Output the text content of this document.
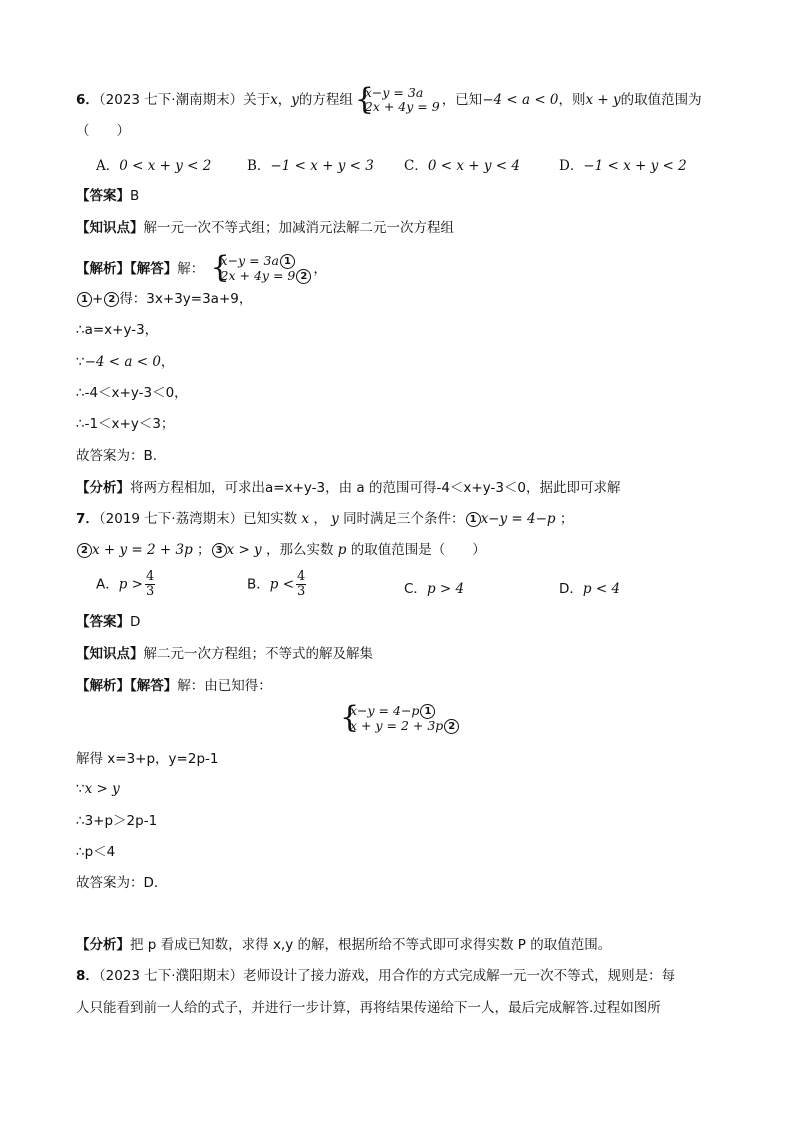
6．（2023 七下·潮南期末）关于x，y的方程组 {
x−y = 3a
2x + 4y = 9 ，已知−4 < a < 0，则x + y的取值范围为
（　　）
A．0 < x + y < 2	B．−1 < x + y < 3 C．0 < x + y < 4	D．−1 < x + y < 2
【答案】B
【知识点】解一元一次不等式组；加减消元法解二元一次方程组
【解析】【解答】解： {
x−y = 3a 1
2x + 4y = 9 2 ，
1 + 2 得：3x+3y=3a+9，
∴a=x+y-3，
∵−4 < a < 0，
∴-4＜x+y-3＜0，
∴-1＜x+y＜3；
故答案为：B.
【分析】将两方程相加，可求出a=x+y-3，由 a 的范围可得-4＜x+y-3＜0，据此即可求解
7．（2019 七下·荔湾期末）已知实数 x ， y 同时满足三个条件： 1 x−y = 4−p ；
2 x + y = 2 + 3p ； 3 x > y ，那么实数 p 的取值范围是（　　）
A．$p > \frac{4}{3}$	B．$p < \frac{4}{3}$	C．p > 4	D．p < 4
【答案】D
【知识点】解二元一次方程组；不等式的解及解集
【解析】【解答】解：由已知得：
{
x−y = 4−p 1
x + y = 2 + 3p 2
解得 x=3+p，y=2p-1
∵x > y
∴3+p＞2p-1
∴p＜4
故答案为：D．
【分析】把 p 看成已知数，求得 x,y 的解，根据所给不等式即可求得实数 P 的取值范围。
8．（2023 七下·濮阳期末）老师设计了接力游戏，用合作的方式完成解一元一次不等式，规则是：每
人只能看到前一人给的式子，并进行一步计算，再将结果传递给下一人，最后完成解答.过程如图所
